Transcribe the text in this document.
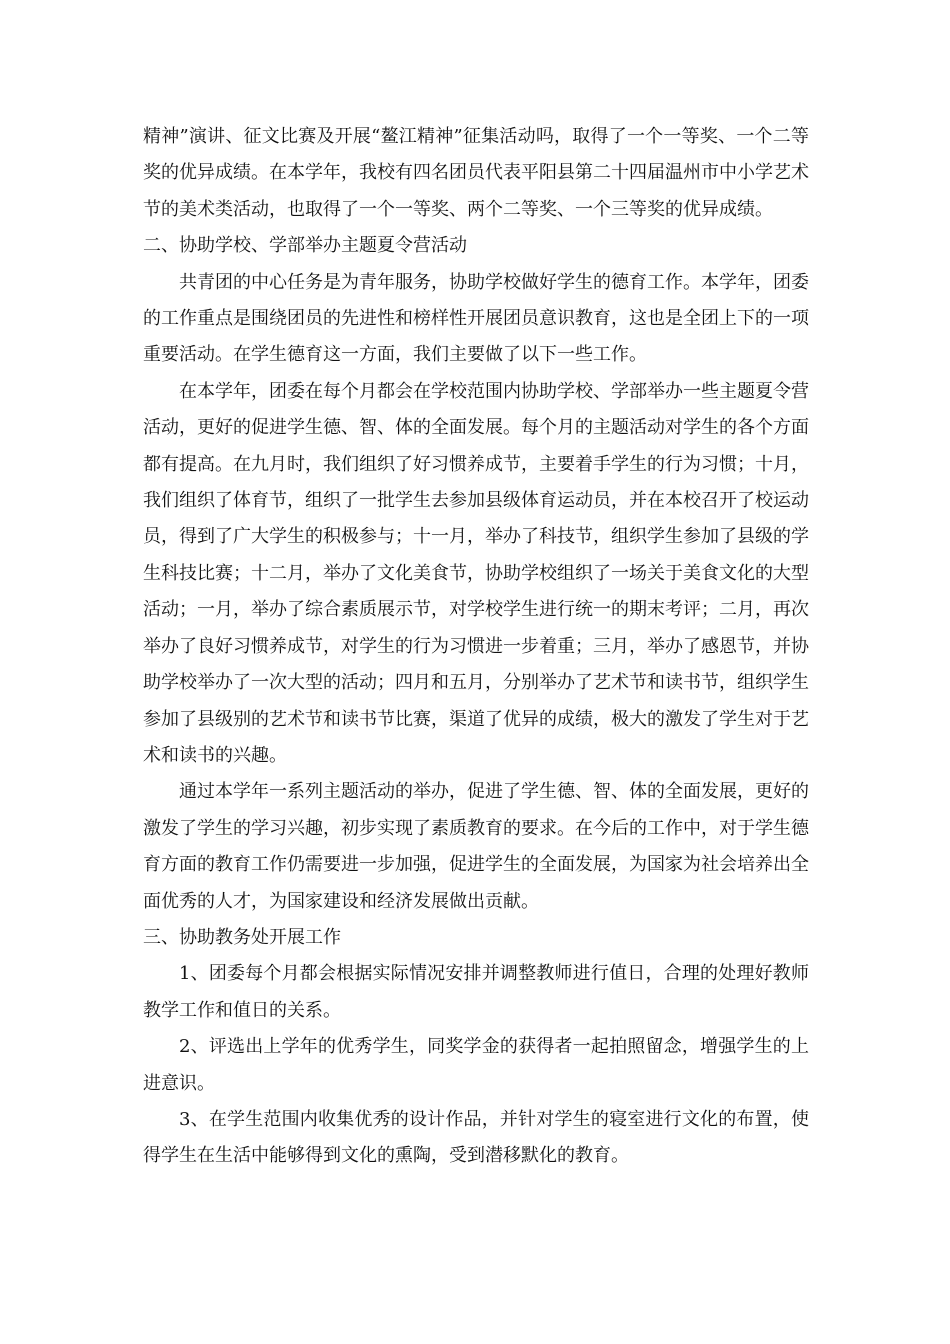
精神”演讲、征文比赛及开展“鳌江精神”征集活动吗，取得了一个一等奖、一个二等奖的优异成绩。在本学年，我校有四名团员代表平阳县第二十四届温州市中小学艺术节的美术类活动，也取得了一个一等奖、两个二等奖、一个三等奖的优异成绩。

二、协助学校、学部举办主题夏令营活动

共青团的中心任务是为青年服务，协助学校做好学生的德育工作。本学年，团委的工作重点是围绕团员的先进性和榜样性开展团员意识教育，这也是全团上下的一项重要活动。在学生德育这一方面，我们主要做了以下一些工作。

在本学年，团委在每个月都会在学校范围内协助学校、学部举办一些主题夏令营活动，更好的促进学生德、智、体的全面发展。每个月的主题活动对学生的各个方面都有提高。在九月时，我们组织了好习惯养成节，主要着手学生的行为习惯；十月，我们组织了体育节，组织了一批学生去参加县级体育运动员，并在本校召开了校运动员，得到了广大学生的积极参与；十一月，举办了科技节，组织学生参加了县级的学生科技比赛；十二月，举办了文化美食节，协助学校组织了一场关于美食文化的大型活动；一月，举办了综合素质展示节，对学校学生进行统一的期末考评；二月，再次举办了良好习惯养成节，对学生的行为习惯进一步着重；三月，举办了感恩节，并协助学校举办了一次大型的活动；四月和五月，分别举办了艺术节和读书节，组织学生参加了县级别的艺术节和读书节比赛，渠道了优异的成绩，极大的激发了学生对于艺术和读书的兴趣。

通过本学年一系列主题活动的举办，促进了学生德、智、体的全面发展，更好的激发了学生的学习兴趣，初步实现了素质教育的要求。在今后的工作中，对于学生德育方面的教育工作仍需要进一步加强，促进学生的全面发展，为国家为社会培养出全面优秀的人才，为国家建设和经济发展做出贡献。

三、协助教务处开展工作

1、团委每个月都会根据实际情况安排并调整教师进行值日，合理的处理好教师教学工作和值日的关系。

2、评选出上学年的优秀学生，同奖学金的获得者一起拍照留念，增强学生的上进意识。

3、在学生范围内收集优秀的设计作品，并针对学生的寝室进行文化的布置，使得学生在生活中能够得到文化的熏陶，受到潜移默化的教育。
